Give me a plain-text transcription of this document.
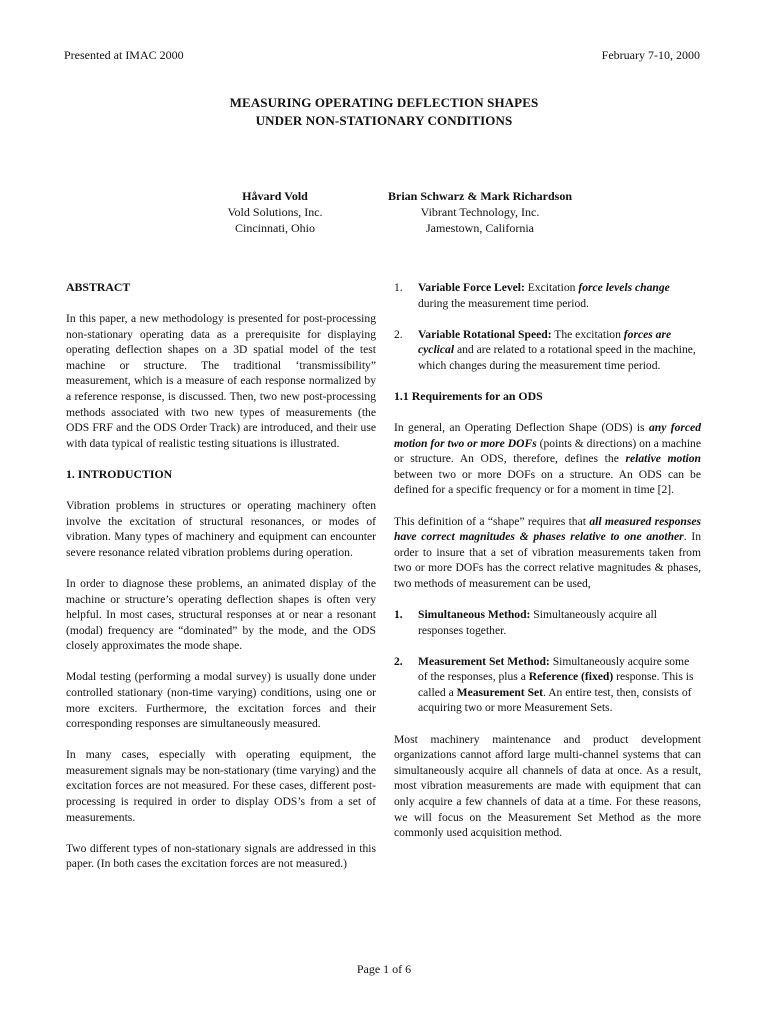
Presented at IMAC 2000	February 7-10, 2000
MEASURING OPERATING DEFLECTION SHAPES
UNDER NON-STATIONARY CONDITIONS
Håvard Vold
Vold Solutions, Inc.
Cincinnati, Ohio
Brian Schwarz & Mark Richardson
Vibrant Technology, Inc.
Jamestown, California
ABSTRACT

In this paper, a new methodology is presented for post-processing non-stationary operating data as a prerequisite for displaying operating deflection shapes on a 3D spatial model of the test machine or structure. The traditional ‘transmissibility” measurement, which is a measure of each response normalized by a reference response, is discussed. Then, two new post-processing methods associated with two new types of measurements (the ODS FRF and the ODS Order Track) are introduced, and their use with data typical of realistic testing situations is illustrated.

1. INTRODUCTION

Vibration problems in structures or operating machinery often involve the excitation of structural resonances, or modes of vibration. Many types of machinery and equipment can encounter severe resonance related vibration problems during operation.

In order to diagnose these problems, an animated display of the machine or structure’s operating deflection shapes is often very helpful. In most cases, structural responses at or near a resonant (modal) frequency are “dominated” by the mode, and the ODS closely approximates the mode shape.

Modal testing (performing a modal survey) is usually done under controlled stationary (non-time varying) conditions, using one or more exciters. Furthermore, the excitation forces and their corresponding responses are simultaneously measured.

In many cases, especially with operating equipment, the measurement signals may be non-stationary (time varying) and the excitation forces are not measured. For these cases, different post-processing is required in order to display ODS’s from a set of measurements.

Two different types of non-stationary signals are addressed in this paper. (In both cases the excitation forces are not measured.)

1.	Variable Force Level: Excitation force levels change during the measurement time period.
2.	Variable Rotational Speed: The excitation forces are cyclical and are related to a rotational speed in the machine, which changes during the measurement time period.
1.1 Requirements for an ODS

In general, an Operating Deflection Shape (ODS) is any forced motion for two or more DOFs (points & directions) on a machine or structure. An ODS, therefore, defines the relative motion between two or more DOFs on a structure. An ODS can be defined for a specific frequency or for a moment in time [2].

This definition of a “shape” requires that all measured responses have correct magnitudes & phases relative to one another. In order to insure that a set of vibration measurements taken from two or more DOFs has the correct relative magnitudes & phases, two methods of measurement can be used,

1.	Simultaneous Method: Simultaneously acquire all responses together.
2.	Measurement Set Method: Simultaneously acquire some of the responses, plus a Reference (fixed) response. This is called a Measurement Set. An entire test, then, consists of acquiring two or more Measurement Sets.

Most machinery maintenance and product development organizations cannot afford large multi-channel systems that can simultaneously acquire all channels of data at once. As a result, most vibration measurements are made with equipment that can only acquire a few channels of data at a time. For these reasons, we will focus on the Measurement Set Method as the more commonly used acquisition method.

Page 1 of 6
